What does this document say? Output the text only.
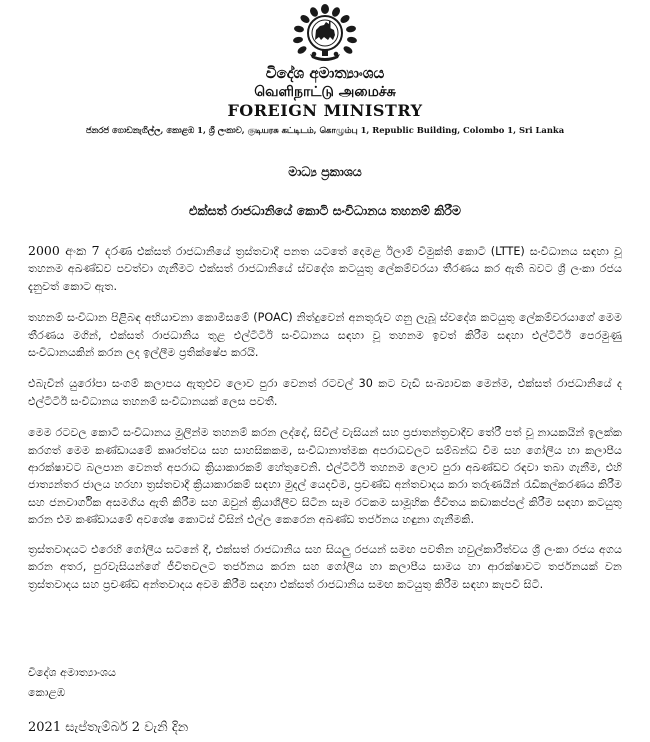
විදේශ අමාත්‍යාංශය
வெளிநாட்டு அமைச்சு
FOREIGN MINISTRY
ජනරජ ගොඩනැගිල්ල, කොළඹ 1, ශ්‍රී ලංකාව, குடியரசு கட்டிடம், கொழும்பு 1, Republic Building, Colombo 1, Sri Lanka
මාධ්‍ය ප්‍රකාශය
එක්සත් රාජධානියේ කොටි සංවිධානය තහනම් කිරීම

2000 අංක 7 දරණ එක්සත් රාජධානියේ ත්‍රස්තවාදී පනත යටතේ දෙමළ ඊලාම් විමුක්ති කොටි (LTTE) සංවිධානය සඳහා වූ තහනම අඛණ්ඩව පවත්වා ගැනීමට එක්සත් රාජධානියේ ස්වදේශ කටයුතු ලේකම්වරයා තීරණය කර ඇති බවට ශ්‍රී ලංකා රජය දැනුවත් කොට ඇත.

තහනම් සංවිධාන පිළිබඳ අභියාචනා කොමිසමේ (POAC) නිත්දුවෙන් අනතුරුව ගනු ලැබූ ස්වදේශ කටයුතු ලේකම්වරයාගේ මෙම තීරණය මගින්, එක්සත් රාජධානිය තුළ එල්ටීටීඊ සංවිධානය සඳහා වූ තහනම ඉවත් කිරීම සඳහා එල්ටීටීඊ පෙරමුණු සංවිධානයකින් කරන ලද ඉල්ලීම ප්‍රතික්ෂේප කරයි.

එබැවින් යුරෝපා සංගම් කලාපය ඇතුළුව ලොව පුරා වෙනත් රටවල් 30 කට වැඩි සංඛ්‍යාවක මෙන්ම, එක්සත් රාජධානියේ ද එල්ටීටීඊ සංවිධානය තහනම් සංවිධානයක් ලෙස පවතී.

මෙම රටවල කොටි සංවිධානය මුලින්ම තහනම් කරන ලද්දේ, සිවිල් වැසියන් සහ ප්‍රජාතන්ත්‍රවාදීව තේරී පත් වූ නායකයින් ඉලක්ක කරගත් මෙම කණ්ඩායමේ කෲරත්වය සහ සාහසිකකම, සංවිධානාත්මක අපරාධවලට සම්බන්ධ වීම සහ ගෝලීය හා කලාපීය ආරක්ෂාවට බලපාන වෙනත් අපරාධ ක්‍රියාකාරකම් හේතුවෙනි. එල්ටීටීඊ තහනම ලොව පුරා අඛණ්ඩව රඳවා තබා ගැනීම, එහි ජාත්‍යන්තර ජාලය හරහා ත්‍රස්තවාදී ක්‍රියාකාරකම් සඳහා මුදල් යෙදවීම, ප්‍රචණ්ඩ අන්තවාදය කරා තරුණයින් රැඩිකල්කරණය කිරීම සහ ජනවාර්ගික අසමගිය ඇති කිරීම සහ ඔවුන් ක්‍රියාශීලීව සිටින සෑම රටකම සාමූහික ජීවිතය කඩාකප්පල් කිරීම සඳහා කටයුතු කරන එම කණ්ඩායමේ අවශේෂ කොටස් විසින් එල්ල කෙරෙන අඛණ්ඩ තර්ජනය හඳුනා ගැනීමකි.

ත්‍රස්තවාදයට එරෙහි ගෝලීය සටනේ දී, එක්සත් රාජධානිය සහ සියලු රජයන් සමඟ පවතින හවුල්කාරිත්වය ශ්‍රී ලංකා රජය අගය කරන අතර, පුරවැසියන්ගේ ජීවිතවලට තර්ජනය කරන සහ ගෝලීය හා කලාපීය සාමය හා ආරක්ෂාවට තර්ජනයක් වන ත්‍රස්තවාදය සහ ප්‍රචණ්ඩ අන්තවාදය අවම කිරීම සඳහා එක්සත් රාජධානිය සමඟ කටයුතු කිරීම සඳහා කැපවී සිටී.

විදේශ අමාත්‍යාංශය
කොළඹ
2021 සැප්තැම්බර් 2 වැනි දින
